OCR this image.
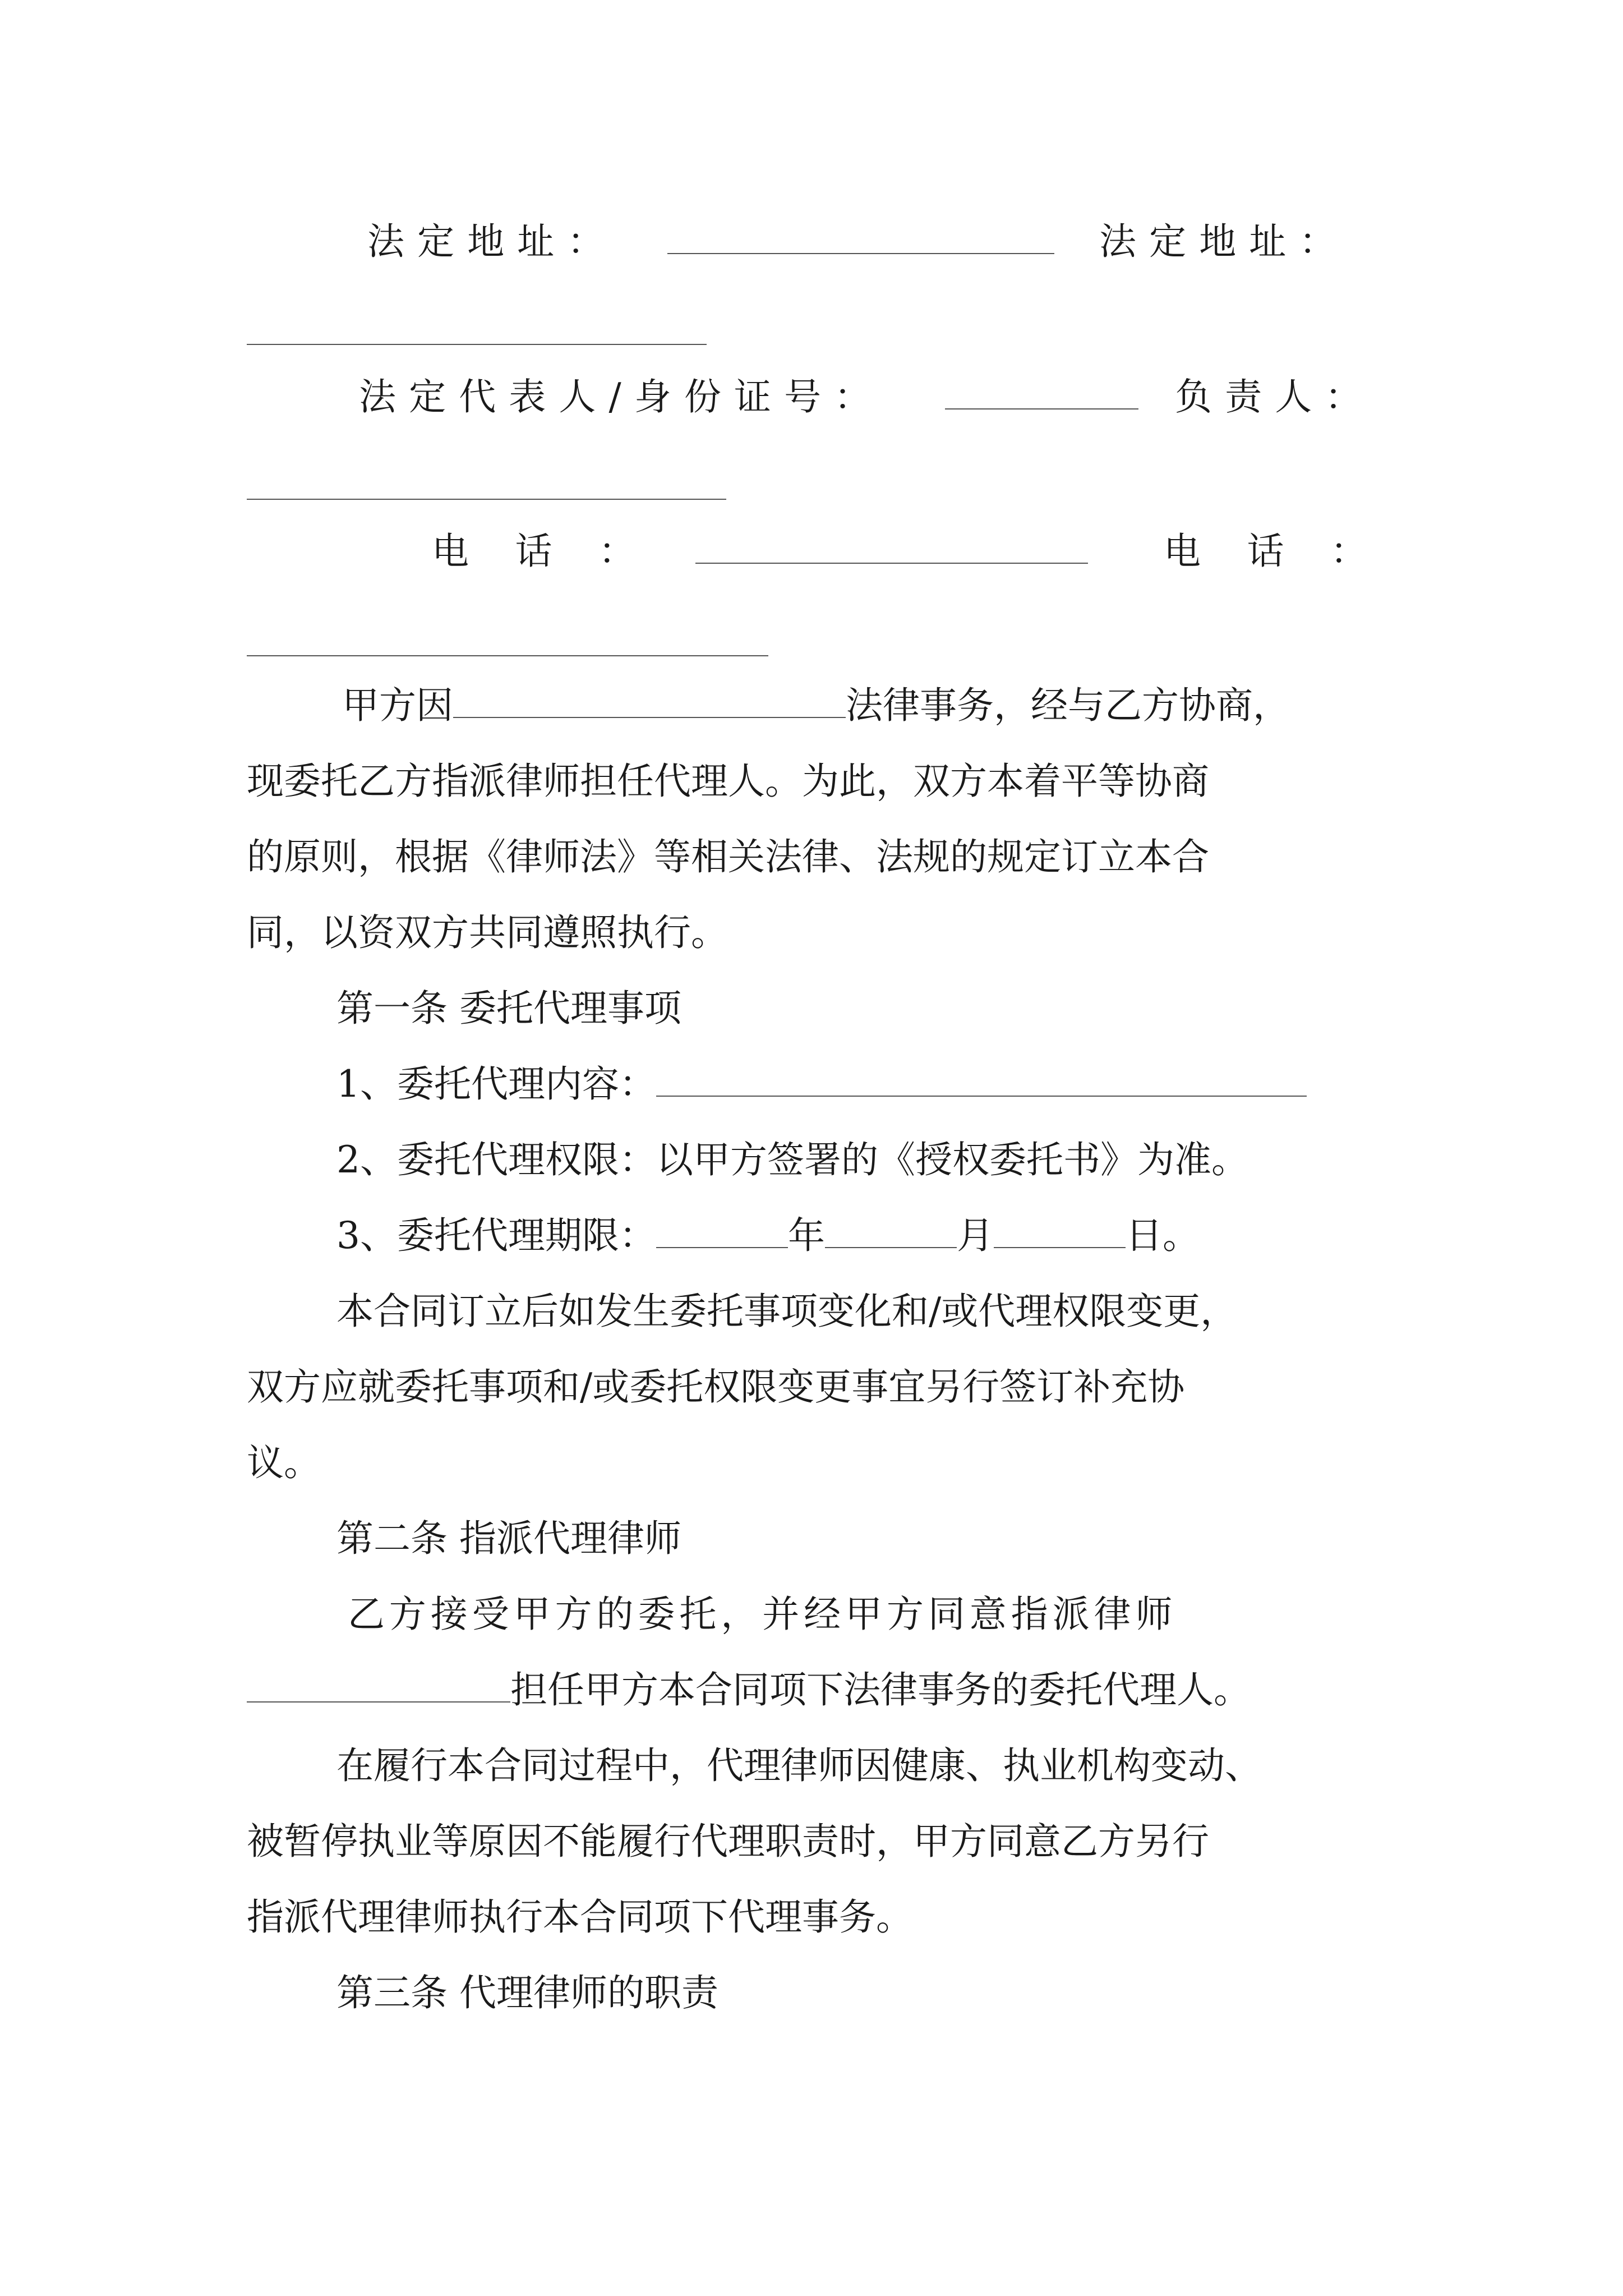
法定地址：	法定地址：
法定代表人/身份证号：	负责人：
电话：	电话：
甲方因	法律事务，经与乙方协商，
现委托乙方指派律师担任代理人。为此，双方本着平等协商
的原则，根据《律师法》等相关法律、法规的规定订立本合
同，以资双方共同遵照执行。
第一条 委托代理事项
1、委托代理内容：
2、委托代理权限：以甲方签署的《授权委托书》为准。
3、委托代理期限：	年	月	日。
本合同订立后如发生委托事项变化和/或代理权限变更，
双方应就委托事项和/或委托权限变更事宜另行签订补充协
议。
第二条 指派代理律师
乙方接受甲方的委托，并经甲方同意指派律师
担任甲方本合同项下法律事务的委托代理人。
在履行本合同过程中，代理律师因健康、执业机构变动、
被暂停执业等原因不能履行代理职责时，甲方同意乙方另行
指派代理律师执行本合同项下代理事务。
第三条 代理律师的职责
